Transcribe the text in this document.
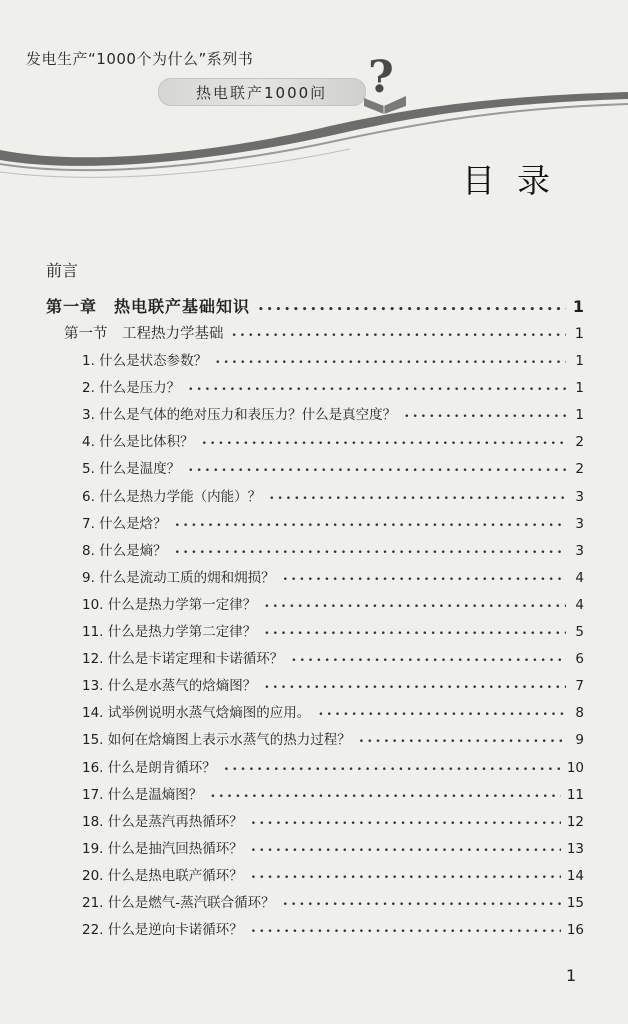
发电生产“1000个为什么”系列书
热电联产1000问 ?
目录
前言
第一章　热电联产基础知识 •••••	1
第一节　工程热力学基础 •••••	1
1. 什么是状态参数？ •••••	1
2. 什么是压力？ •••••	1
3. 什么是气体的绝对压力和表压力？什么是真空度？ •••••	1
4. 什么是比体积？ •••••	2
5. 什么是温度？ •••••	2
6. 什么是热力学能（内能）？ •••••	3
7. 什么是焓？ •••••	3
8. 什么是熵？ •••••	3
9. 什么是流动工质的㶲和㶲损？ •••••	4
10. 什么是热力学第一定律？ •••••	4
11. 什么是热力学第二定律？ •••••	5
12. 什么是卡诺定理和卡诺循环？ •••••	6
13. 什么是水蒸气的焓熵图？ •••••	7
14. 试举例说明水蒸气焓熵图的应用。 •••••	8
15. 如何在焓熵图上表示水蒸气的热力过程？ •••••	9
16. 什么是朗肯循环？ •••••	10
17. 什么是温熵图？ •••••	11
18. 什么是蒸汽再热循环？ •••••	12
19. 什么是抽汽回热循环？ •••••	13
20. 什么是热电联产循环？ •••••	14
21. 什么是燃气-蒸汽联合循环？ •••••	15
22. 什么是逆向卡诺循环？ •••••	16
1
